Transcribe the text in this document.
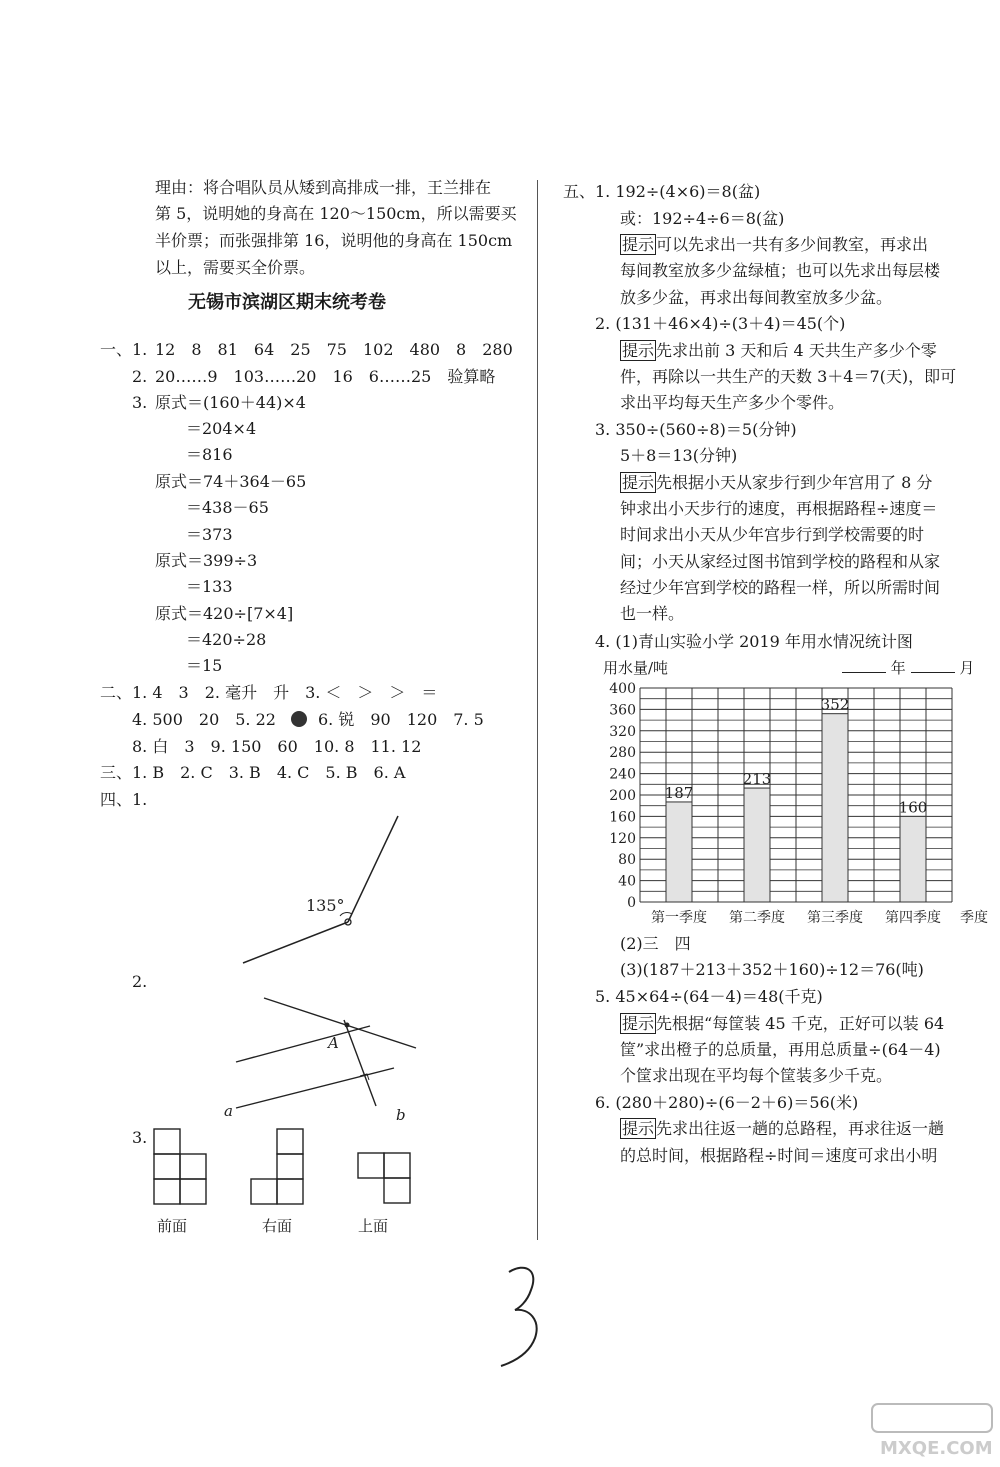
理由：将合唱队员从矮到高排成一排，王兰排在
第 5，说明她的身高在 120～150cm，所以需要买
半价票；而张强排第 16，说明他的身高在 150cm
以上，需要买全价票。
无锡市滨湖区期末统考卷
一、 1. 12　8　81　64　25　75　102　480　8　280
2. 20……9　103……20　16　6……25　验算略
3. 原式＝(160＋44)×4
＝204×4
＝816
原式＝74＋364－65
＝438－65
＝373
原式＝399÷3
＝133
原式＝420÷[7×4]
＝420÷28
＝15
二、 1. 4　3　2. 毫升　升　3. ＜　＞　＞　＝
4. 500　20　5. 22	6. 锐　90　120　7. 5
8. 白　3　9. 150　60　10. 8　11. 12
三、1. B　2. C　3. B　4. C　5. B　6. A
四、1.
135°
2.
A
a	b
3.
前面	右面	上面
五、 1. 192÷(4×6)＝8(盆)
或：192÷4÷6＝8(盆)
提示 可以先求出一共有多少间教室，再求出
每间教室放多少盆绿植；也可以先求出每层楼
放多少盆，再求出每间教室放多少盆。
2. (131＋46×4)÷(3＋4)＝45(个)
提示 先求出前 3 天和后 4 天共生产多少个零
件，再除以一共生产的天数 3＋4＝7(天)，即可
求出平均每天生产多少个零件。
3. 350÷(560÷8)＝5(分钟)
5＋8＝13(分钟)
提示 先根据小天从家步行到少年宫用了 8 分
钟求出小天步行的速度，再根据路程÷速度＝
时间求出小天从少年宫步行到学校需要的时
间；小天从家经过图书馆到学校的路程和从家
经过少年宫到学校的路程一样，所以所需时间
也一样。
4. (1)青山实验小学 2019 年用水情况统计图
用水量/吨	年	月
0
40
80
120
160
200
240
280
320
360
400
187
213
352
160
第一季度 第二季度 第三季度 第四季度 季度
(2)三　四
(3)(187＋213＋352＋160)÷12＝76(吨)
5. 45×64÷(64－4)＝48(千克)
提示 先根据“每筐装 45 千克，正好可以装 64
筐”求出橙子的总质量，再用总质量÷(64－4)
个筐求出现在平均每个筐装多少千克。
6. (280＋280)÷(6－2＋6)＝56(米)
提示 先求出往返一趟的总路程，再求往返一趟
的总时间，根据路程÷时间＝速度可求出小明
MXQE.COM
